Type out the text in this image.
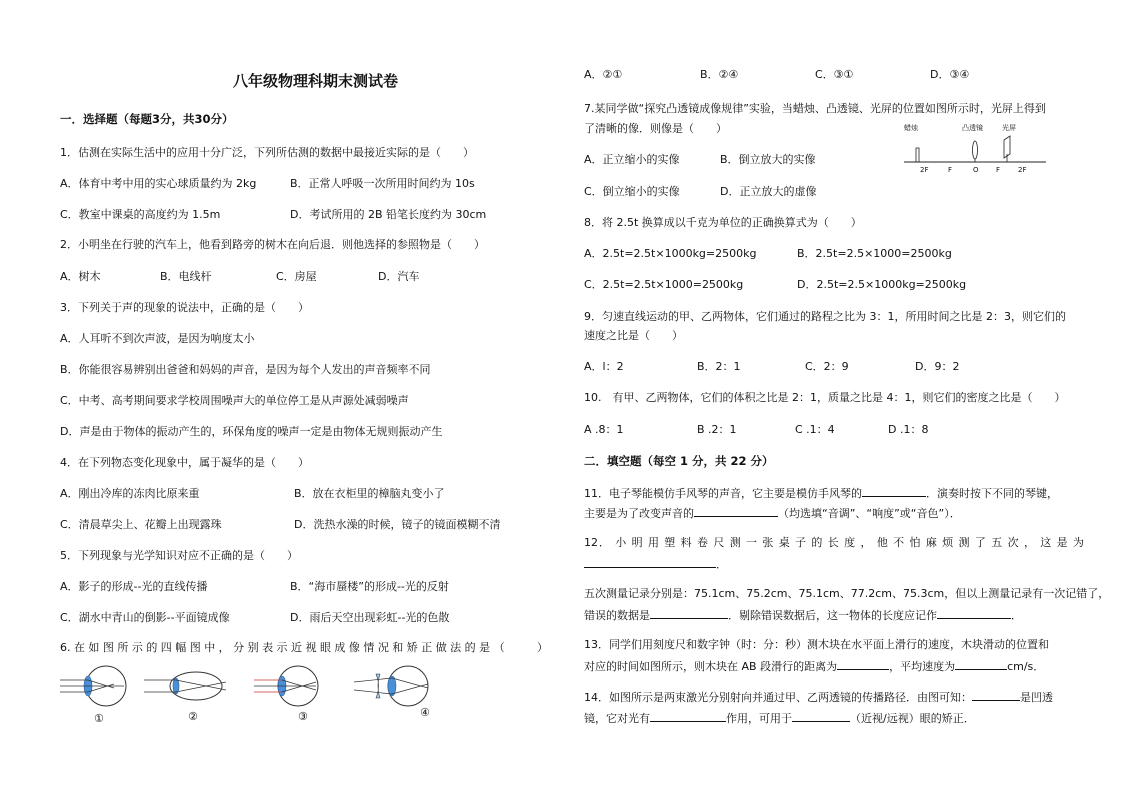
八年级物理科期末测试卷
一．选择题（每题3分，共30分）
1．估测在实际生活中的应用十分广泛，下列所估测的数据中最接近实际的是（　　）
A．体育中考中用的实心球质量约为 2kg	B．正常人呼吸一次所用时间约为 10s
C．教室中课桌的高度约为 1.5m	D．考试所用的 2B 铅笔长度约为 30cm
2．小明坐在行驶的汽车上，他看到路旁的树木在向后退．则他选择的参照物是（　　）
A．树木	B．电线杆	C．房屋	D．汽车
3．下列关于声的现象的说法中，正确的是（　　）
A．人耳听不到次声波，是因为响度太小
B．你能很容易辨别出爸爸和妈妈的声音，是因为每个人发出的声音频率不同
C．中考、高考期间要求学校周围噪声大的单位停工是从声源处减弱噪声
D．声是由于物体的振动产生的，环保角度的噪声一定是由物体无规则振动产生
4．在下列物态变化现象中，属于凝华的是（　　）
A．刚出冷库的冻肉比原来重	B．放在衣柜里的樟脑丸变小了
C．清晨草尖上、花瓣上出现露珠	D．洗热水澡的时候，镜子的镜面模糊不清
5．下列现象与光学知识对应不正确的是（　　）
A．影子的形成--光的直线传播	B．“海市蜃楼”的形成--光的反射
C．湖水中青山的倒影--平面镜成像	D．雨后天空出现彩虹--光的色散
6.在如图所示的四幅图中，分别表示近视眼成像情况和矫正做法的是（　　）
①	②	③	④
A．②①	B．②④	C．③①	D．③④
7.某同学做“探究凸透镜成像规律”实验，当蜡烛、凸透镜、光屏的位置如图所示时，光屏上得到
了清晰的像．则像是（　　）
A．正立缩小的实像	B．倒立放大的实像
C．倒立缩小的实像	D．正立放大的虚像
蜡烛	凸透镜	光屏
2F	F	O F	2F
8．将 2.5t 换算成以千克为单位的正确换算式为（　　）
A．2.5t=2.5t×1000kg=2500kg	B．2.5t=2.5×1000=2500kg
C．2.5t=2.5t×1000=2500kg	D．2.5t=2.5×1000kg=2500kg
9．匀速直线运动的甲、乙两物体，它们通过的路程之比为 3：1，所用时间之比是 2：3，则它们的
速度之比是（　　）
A．l：2	B．2：1	C．2：9	D．9：2
10.　有甲、乙两物体，它们的体积之比是 2：1，质量之比是 4：1，则它们的密度之比是（　　）
A .8：1	B .2：1	C .1：4	D .1：8
二．填空题（每空 1 分，共 22 分）
11．电子琴能模仿手风琴的声音，它主要是模仿手风琴的	．演奏时按下不同的琴键，
主要是为了改变声音的	（均选填“音调”、“响度”或“音色”）．
12． 小 明 用 塑 料 卷 尺 测 一 张 桌 子 的 长 度 ， 他 不 怕 麻 烦 测 了 五 次 ， 这 是 为
．
五次测量记录分别是：75.1cm、75.2cm、75.1cm、77.2cm、75.3cm，但以上测量记录有一次记错了，
错误的数据是	．剔除错误数据后，这一物体的长度应记作	．
13．同学们用刻度尺和数字钟（时：分：秒）测木块在水平面上滑行的速度，木块滑动的位置和
对应的时间如图所示，则木块在 AB 段滑行的距离为	，平均速度为	cm/s．
14．如图所示是两束激光分别射向并通过甲、乙两透镜的传播路径．由图可知：	是凹透
镜，它对光有	作用，可用于	（近视/远视）眼的矫正．
